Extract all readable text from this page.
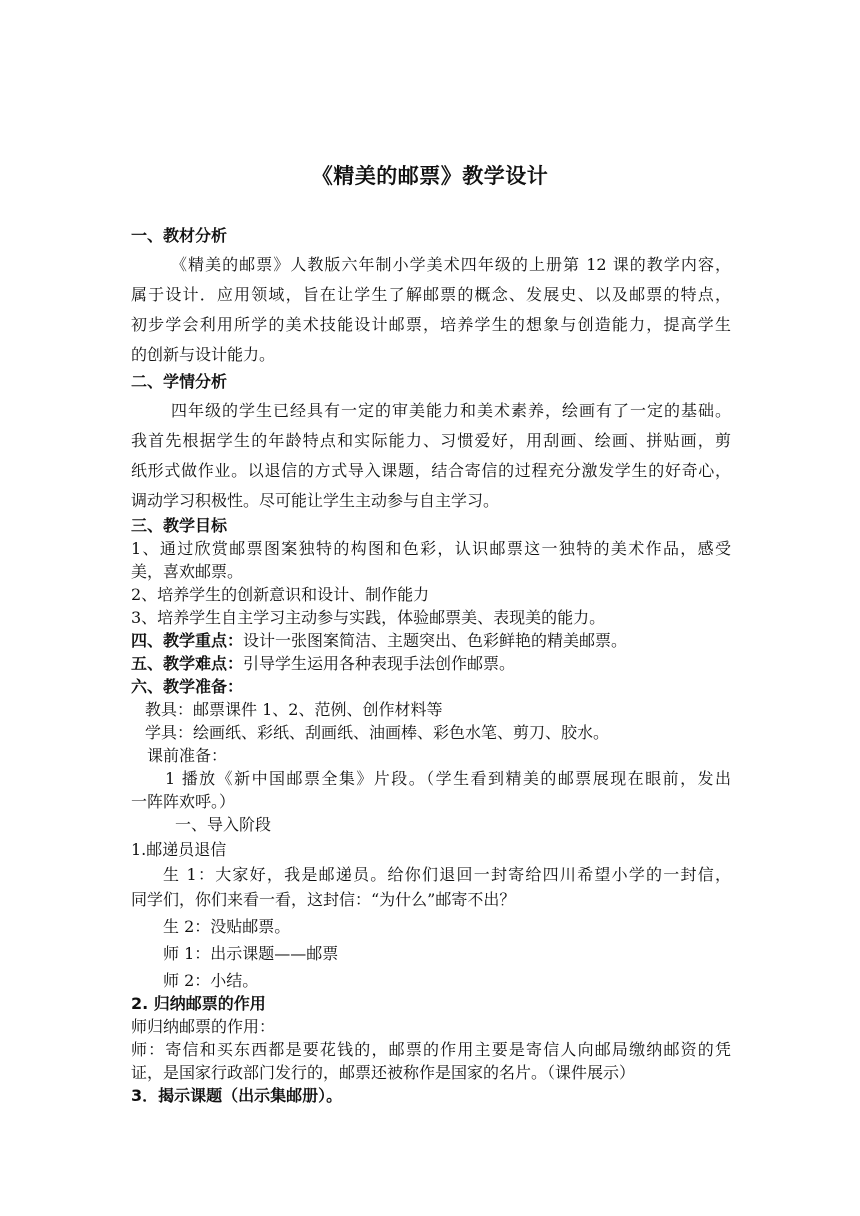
《精美的邮票》教学设计
一、教材分析
《精美的邮票》人教版六年制小学美术四年级的上册第 12 课的教学内容，
属于设计．应用领域，旨在让学生了解邮票的概念、发展史、以及邮票的特点，
初步学会利用所学的美术技能设计邮票，培养学生的想象与创造能力，提高学生
的创新与设计能力。
二、学情分析
四年级的学生已经具有一定的审美能力和美术素养，绘画有了一定的基础。
我首先根据学生的年龄特点和实际能力、习惯爱好，用刮画、绘画、拼贴画，剪
纸形式做作业。以退信的方式导入课题，结合寄信的过程充分激发学生的好奇心，
调动学习积极性。尽可能让学生主动参与自主学习。
三、教学目标
1、通过欣赏邮票图案独特的构图和色彩，认识邮票这一独特的美术作品，感受
美，喜欢邮票。
2、培养学生的创新意识和设计、制作能力
3、培养学生自主学习主动参与实践，体验邮票美、表现美的能力。
四、教学重点：设计一张图案简洁、主题突出、色彩鲜艳的精美邮票。
五、教学难点：引导学生运用各种表现手法创作邮票。
六、教学准备：
教具：邮票课件 1、2、范例、创作材料等
学具：绘画纸、彩纸、刮画纸、油画棒、彩色水笔、剪刀、胶水。
课前准备：
1 播放《新中国邮票全集》片段。（学生看到精美的邮票展现在眼前，发出
一阵阵欢呼。）
一、导入阶段
1.邮递员退信
生 1：大家好，我是邮递员。给你们退回一封寄给四川希望小学的一封信，
同学们，你们来看一看，这封信：“为什么”邮寄不出？
生 2：没贴邮票。
师 1：出示课题——邮票
师 2：小结。
2. 归纳邮票的作用
师归纳邮票的作用：
师：寄信和买东西都是要花钱的，邮票的作用主要是寄信人向邮局缴纳邮资的凭
证，是国家行政部门发行的，邮票还被称作是国家的名片。（课件展示）
3．揭示课题（出示集邮册）。
